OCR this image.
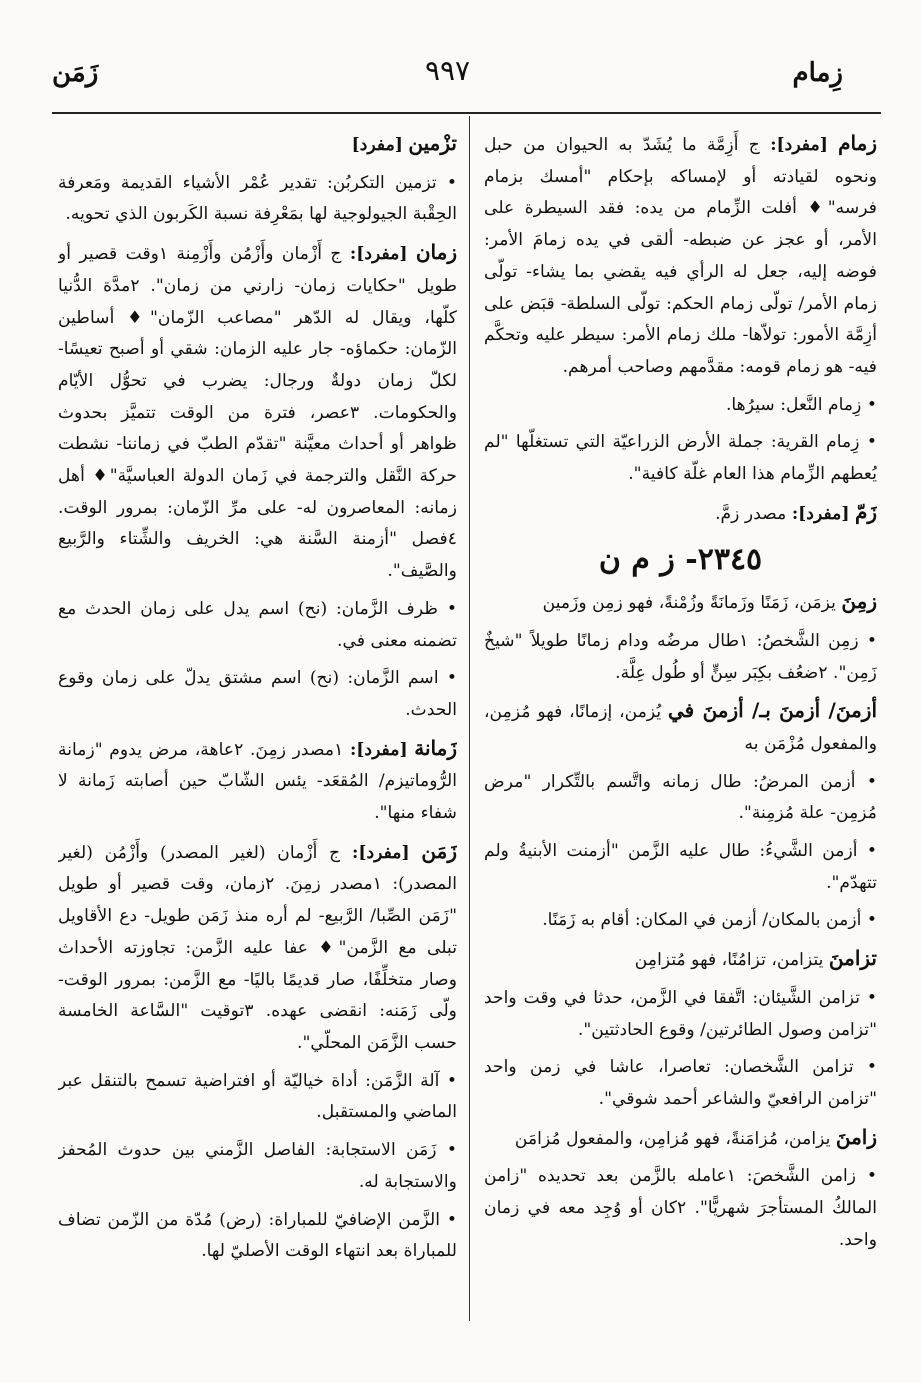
زِمام
٩٩٧
زَمَن

زمام [مفرد]: ج أَزِمَّة ما يُشَدّ به الحيوان من حبل ونحوه لقيادته أو لإمساكه بإحكام "أمسك بزمام فرسه"♦ أفلت الزِّمام من يده: فقد السيطرة على الأمر، أو عجز عن ضبطه- ألقى في يده زمامَ الأمر: فوضه إليه، جعل له الرأي فيه يقضي بما يشاء- تولّى زمام الأمر/ تولّى زمام الحكم: تولّى السلطة- قبَض على أزِمَّة الأمور: تولاّها- ملك زمام الأمر: سيطر عليه وتحكَّم فيه- هو زمام قومه: مقدَّمهم وصاحب أمرهم.

• زِمام النَّعل: سيرُها.

• زِمام القرية: جملة الأرض الزراعيّة التي تستغلّها "لم يُعطهم الزِّمام هذا العام غلّة كافية".

زَمّ [مفرد]: مصدر زمَّ.

٢٣٤٥- ز م ن

زمِنَ يزمَن، زَمَنًا وزَمانَةً وزُمْنةً، فهو زمِن وزَمين

• زمِن الشَّخصُ: ١طال مرضُه ودام زمانًا طويلاً "شيخٌ زَمِن". ٢ضعُف بكِبَر سِنٍّ أو طُول عِلَّة.

أزمنَ/ أزمنَ بـ/ أزمنَ في يُزمن، إزمانًا، فهو مُزمِن، والمفعول مُزْمَن به

• أزمن المرضُ: طال زمانه واتَّسم بالتِّكرار "مرض مُزمِن- علة مُزمِنة".

• أزمن الشَّيءُ: طال عليه الزَّمن "أزمنت الأبنيةُ ولم تتهدّم".

• أزمن بالمكان/ أزمن في المكان: أقام به زَمَنًا.

تزامنَ يتزامن، تزامُنًا، فهو مُتزامِن

• تزامن الشَّيئان: اتَّفقا في الزَّمن، حدثا في وقت واحد "تزامن وصول الطائرتين/ وقوع الحادثتين".

• تزامن الشَّخصان: تعاصرا، عاشا في زمن واحد "تزامن الرافعيّ والشاعر أحمد شوقي".

زامنَ يزامن، مُزامَنةً، فهو مُزامِن، والمفعول مُزامَن

• زامن الشَّخصَ: ١عامله بالزَّمن بعد تحديده "زامن المالكُ المستأجرَ شهريًّا". ٢كان أو وُجِد معه في زمان واحد.

تزْمين [مفرد]

• تزمين التكربُن: تقدير عُمْر الأشياء القديمة ومَعرفة الحِقْبة الجيولوجية لها بمَعْرِفة نسبة الكَربون الذي تحويه.

زمان [مفرد]: ج أَزْمان وأَزْمُن وأَزْمِنة ١وقت قصير أو طويل "حكايات زمان- زارني من زمان". ٢مدَّة الدُّنيا كلّها، ويقال له الدّهر "مصاعب الزّمان"♦ أساطين الزّمان: حكماؤه- جار عليه الزمان: شقي أو أصبح تعيسًا- لكلّ زمان دولةٌ ورجال: يضرب في تحوُّل الأيّام والحكومات. ٣عصر، فترة من الوقت تتميَّز بحدوث ظواهر أو أحداث معيَّنة "تقدّم الطبّ في زماننا- نشطت حركة النَّقل والترجمة في زَمان الدولة العباسيَّة"♦ أهل زمانه: المعاصرون له- على مرِّ الزّمان: بمرور الوقت. ٤فصل "أزمنة السَّنة هي: الخريف والشِّتاء والرَّبيع والصَّيف".

• ظرف الزَّمان: (نح) اسم يدل على زمان الحدث مع تضمنه معنى في.

• اسم الزَّمان: (نح) اسم مشتق يدلّ على زمان وقوع الحدث.

زَمانة [مفرد]: ١مصدر زمِنَ. ٢عاهة، مرض يدوم "زمانة الرُّوماتيزم/ المُقعَد- يئس الشّابّ حين أصابته زَمانة لا شفاء منها".

زَمَن [مفرد]: ج أَزْمان (لغير المصدر) وأَزْمُن (لغير المصدر): ١مصدر زمِنَ. ٢زمان، وقت قصير أو طويل "زَمَن الصِّبا/ الرَّبيع- لم أره منذ زَمَن طويل- دع الأقاويل تبلى مع الزَّمن"♦ عفا عليه الزَّمن: تجاوزته الأحداث وصار متخلِّفًا، صار قديمًا باليًا- مع الزَّمن: بمرور الوقت- ولّى زَمَنه: انقضى عهده. ٣توقيت "السَّاعة الخامسة حسب الزَّمَن المحلّي".

• آلة الزَّمَن: أداة خياليّة أو افتراضية تسمح بالتنقل عبر الماضي والمستقبل.

• زَمَن الاستجابة: الفاصل الزَّمني بين حدوث المُحفز والاستجابة له.

• الزَّمن الإضافيّ للمباراة: (رض) مُدّة من الزّمن تضاف للمباراة بعد انتهاء الوقت الأصليّ لها.
